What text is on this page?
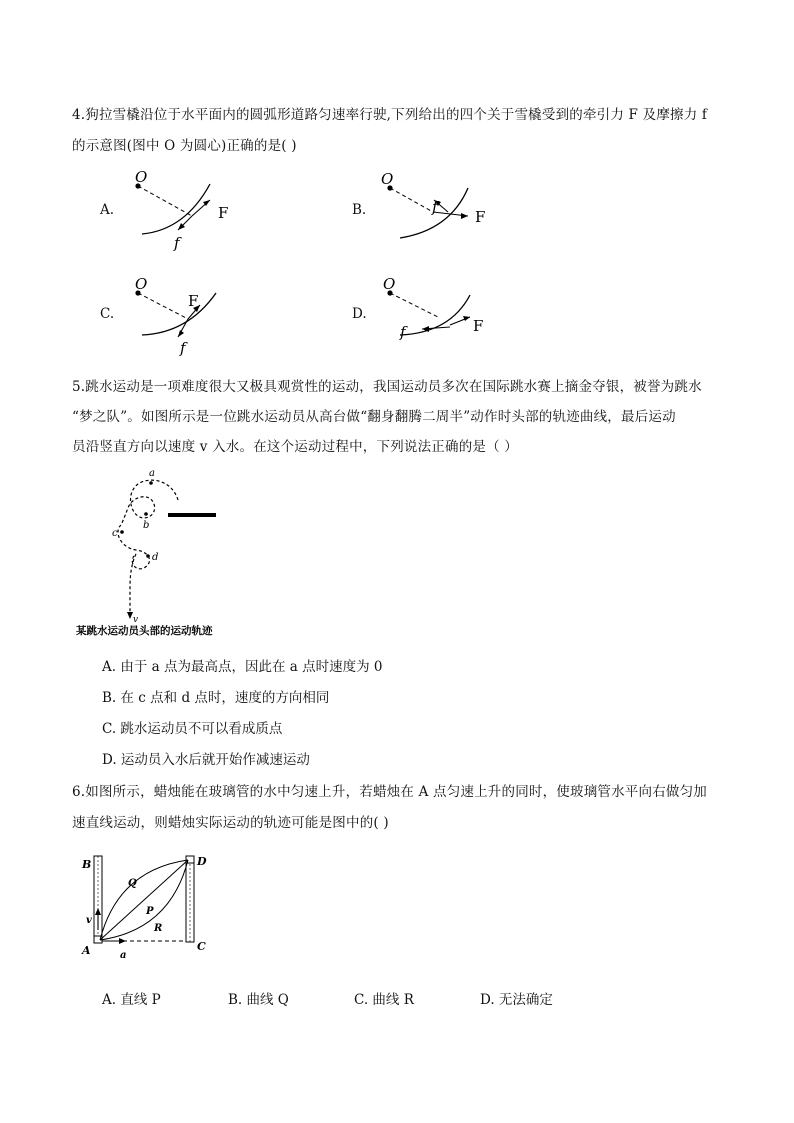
4.狗拉雪橇沿位于水平面内的圆弧形道路匀速率行驶,下列给出的四个关于雪橇受到的牵引力 F 及摩擦力 f
的示意图(图中 O 为圆心)正确的是( )
A.
O
F
f
B.
O
F
f
C.
O
F
f
D.
O
F
f
5.跳水运动是一项难度很大又极具观赏性的运动，我国运动员多次在国际跳水赛上摘金夺银，被誉为跳水
“梦之队”。如图所示是一位跳水运动员从高台做“翻身翻腾二周半”动作时头部的轨迹曲线，最后运动
员沿竖直方向以速度 v 入水。在这个运动过程中，下列说法正确的是（ ）
a
b
c
d
v
某跳水运动员头部的运动轨迹
A. 由于 a 点为最高点，因此在 a 点时速度为 0
B. 在 c 点和 d 点时，速度的方向相同
C. 跳水运动员不可以看成质点
D. 运动员入水后就开始作减速运动
6.如图所示，蜡烛能在玻璃管的水中匀速上升，若蜡烛在 A 点匀速上升的同时，使玻璃管水平向右做匀加
速直线运动，则蜡烛实际运动的轨迹可能是图中的( )
B	D
A	C
Q
P
R
v
a
A. 直线 P	B. 曲线 Q	C. 曲线 R	D. 无法确定
